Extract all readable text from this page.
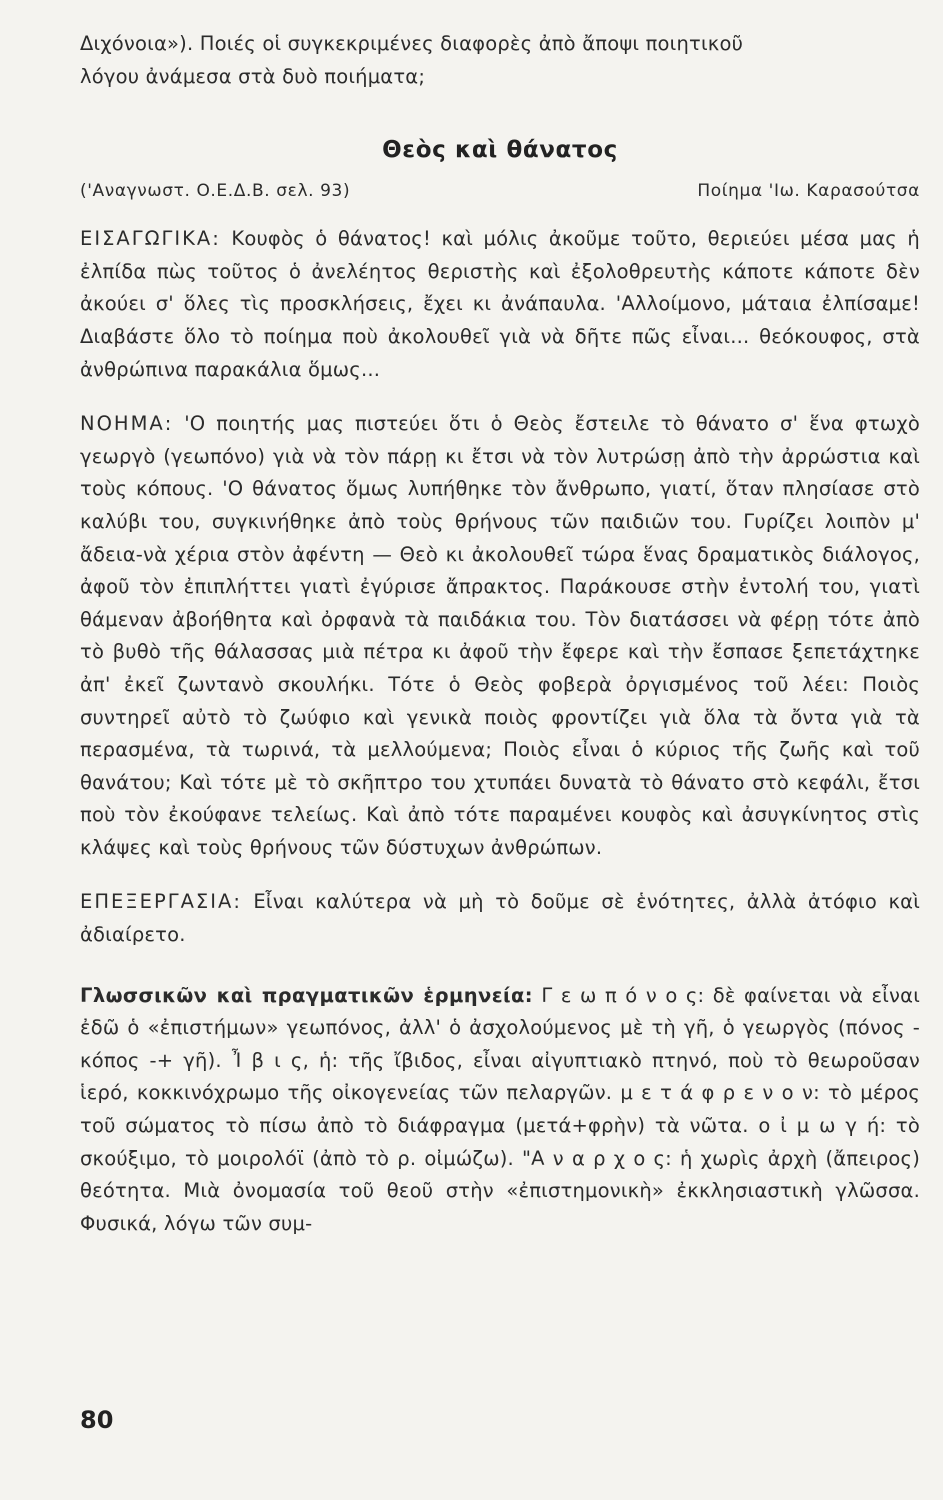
Διχόνοια»). Ποιές οἱ συγκεκριμένες διαφορὲς ἀπὸ ἄποψι ποιητικοῦ
λόγου ἀνάμεσα στὰ δυὸ ποιήματα;

Θεὸς καὶ θάνατος
('Αναγνωστ. Ο.Ε.Δ.Β. σελ. 93)	Ποίημα 'Ιω. Καρασούτσα

ΕΙΣΑΓΩΓΙΚΑ: Κουφὸς ὁ θάνατος! καὶ μόλις ἀκοῦμε τοῦτο, θεριεύει μέσα μας ἡ ἐλπίδα πὼς τοῦτος ὁ ἀνελέητος θεριστὴς καὶ ἐξολοθρευτὴς κάποτε κάποτε δὲν ἀκούει σ' ὅλες τὶς προσκλήσεις, ἔχει κι ἀνάπαυλα. 'Αλλοίμονο, μάταια ἐλπίσαμε! Διαβάστε ὅλο τὸ ποίημα ποὺ ἀκολουθεῖ γιὰ νὰ δῆτε πῶς εἶναι... θεόκουφος, στὰ ἀνθρώπινα παρακάλια ὅμως...

ΝΟΗΜΑ: 'Ο ποιητής μας πιστεύει ὅτι ὁ Θεὸς ἔστειλε τὸ θάνατο σ' ἕνα φτωχὸ γεωργὸ (γεωπόνο) γιὰ νὰ τὸν πάρῃ κι ἔτσι νὰ τὸν λυτρώσῃ ἀπὸ τὴν ἀρρώστια καὶ τοὺς κόπους. 'Ο θάνατος ὅμως λυπήθηκε τὸν ἄνθρωπο, γιατί, ὅταν πλησίασε στὸ καλύβι του, συγκινήθηκε ἀπὸ τοὺς θρήνους τῶν παιδιῶν του. Γυρίζει λοιπὸν μ' ἄδεια-νὰ χέρια στὸν ἀφέντη — Θεὸ κι ἀκολουθεῖ τώρα ἕνας δραματικὸς διάλογος, ἀφοῦ τὸν ἐπιπλήττει γιατὶ ἐγύρισε ἄπρακτος. Παράκουσε στὴν ἐντολή του, γιατὶ θάμεναν ἀβοήθητα καὶ ὀρφανὰ τὰ παιδάκια του. Τὸν διατάσσει νὰ φέρῃ τότε ἀπὸ τὸ βυθὸ τῆς θάλασσας μιὰ πέτρα κι ἀφοῦ τὴν ἔφερε καὶ τὴν ἔσπασε ξεπετάχτηκε ἀπ' ἐκεῖ ζωντανὸ σκουλήκι. Τότε ὁ Θεὸς φοβερὰ ὀργισμένος τοῦ λέει: Ποιὸς συντηρεῖ αὐτὸ τὸ ζωύφιο καὶ γενικὰ ποιὸς φροντίζει γιὰ ὅλα τὰ ὄντα γιὰ τὰ περασμένα, τὰ τωρινά, τὰ μελλούμενα; Ποιὸς εἶναι ὁ κύριος τῆς ζωῆς καὶ τοῦ θανάτου; Καὶ τότε μὲ τὸ σκῆπτρο του χτυπάει δυνατὰ τὸ θάνατο στὸ κεφάλι, ἔτσι ποὺ τὸν ἐκούφανε τελείως. Καὶ ἀπὸ τότε παραμένει κουφὸς καὶ ἀσυγκίνητος στὶς κλάψες καὶ τοὺς θρήνους τῶν δύστυχων ἀνθρώπων.

ΕΠΕΞΕΡΓΑΣΙΑ: Εἶναι καλύτερα νὰ μὴ τὸ δοῦμε σὲ ἑνότητες, ἀλλὰ ἀτόφιο καὶ ἀδιαίρετο.

Γλωσσικῶν καὶ πραγματικῶν ἑρμηνεία: Γ ε ω π ό ν ο ς: δὲ φαίνεται νὰ εἶναι ἐδῶ ὁ «ἐπιστήμων» γεωπόνος, ἀλλ' ὁ ἀσχολούμενος μὲ τὴ γῆ, ὁ γεωργὸς (πόνος - κόπος -+ γῆ). Ἶ β ι ς, ἡ: τῆς ἴβιδος, εἶναι αἰγυπτιακὸ πτηνό, ποὺ τὸ θεωροῦσαν ἱερό, κοκκινόχρωμο τῆς οἰκογενείας τῶν πελαργῶν. μ ε τ ά φ ρ ε ν ο ν: τὸ μέρος τοῦ σώματος τὸ πίσω ἀπὸ τὸ διάφραγμα (μετά+φρὴν) τὰ νῶτα. ο ἰ μ ω γ ή: τὸ σκούξιμο, τὸ μοιρολόϊ (ἀπὸ τὸ ρ. οἰμώζω). "Α ν α ρ χ ο ς: ἡ χωρὶς ἀρχὴ (ἄπειρος) θεότητα. Μιὰ ὀνομασία τοῦ θεοῦ στὴν «ἐπιστημονικὴ» ἐκκλησιαστικὴ γλῶσσα. Φυσικά, λόγω τῶν συμ-

80
